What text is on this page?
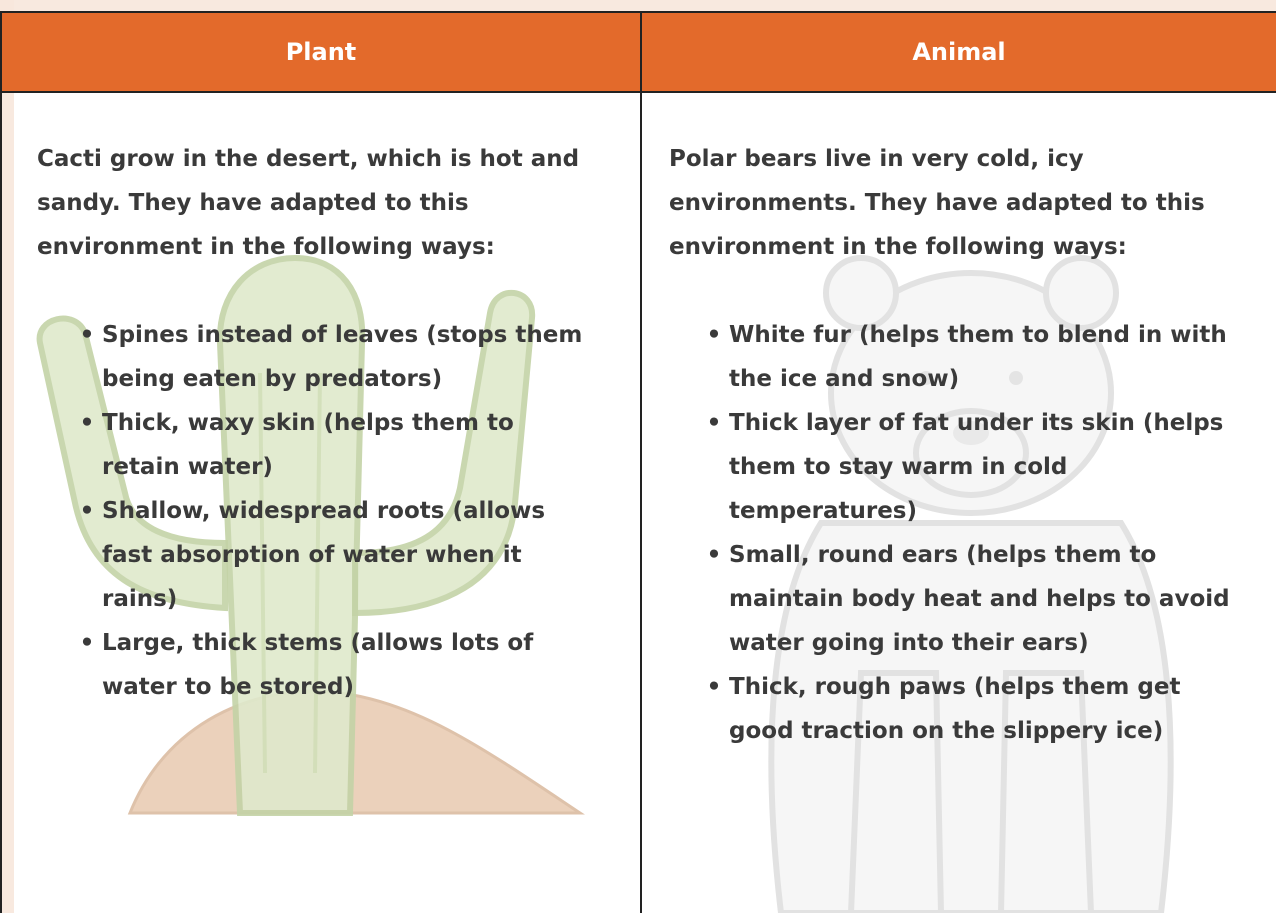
Plant	Animal

Cacti grow in the desert, which is hot and sandy. They have adapted to this environment in the following ways:

• Spines instead of leaves (stops them being eaten by predators)
• Thick, waxy skin (helps them to retain water)
• Shallow, widespread roots (allows fast absorption of water when it rains)
• Large, thick stems (allows lots of water to be stored)

Polar bears live in very cold, icy environments. They have adapted to this environment in the following ways:

• White fur (helps them to blend in with the ice and snow)
• Thick layer of fat under its skin (helps them to stay warm in cold temperatures)
• Small, round ears (helps them to maintain body heat and helps to avoid water going into their ears)
• Thick, rough paws (helps them get good traction on the slippery ice)
